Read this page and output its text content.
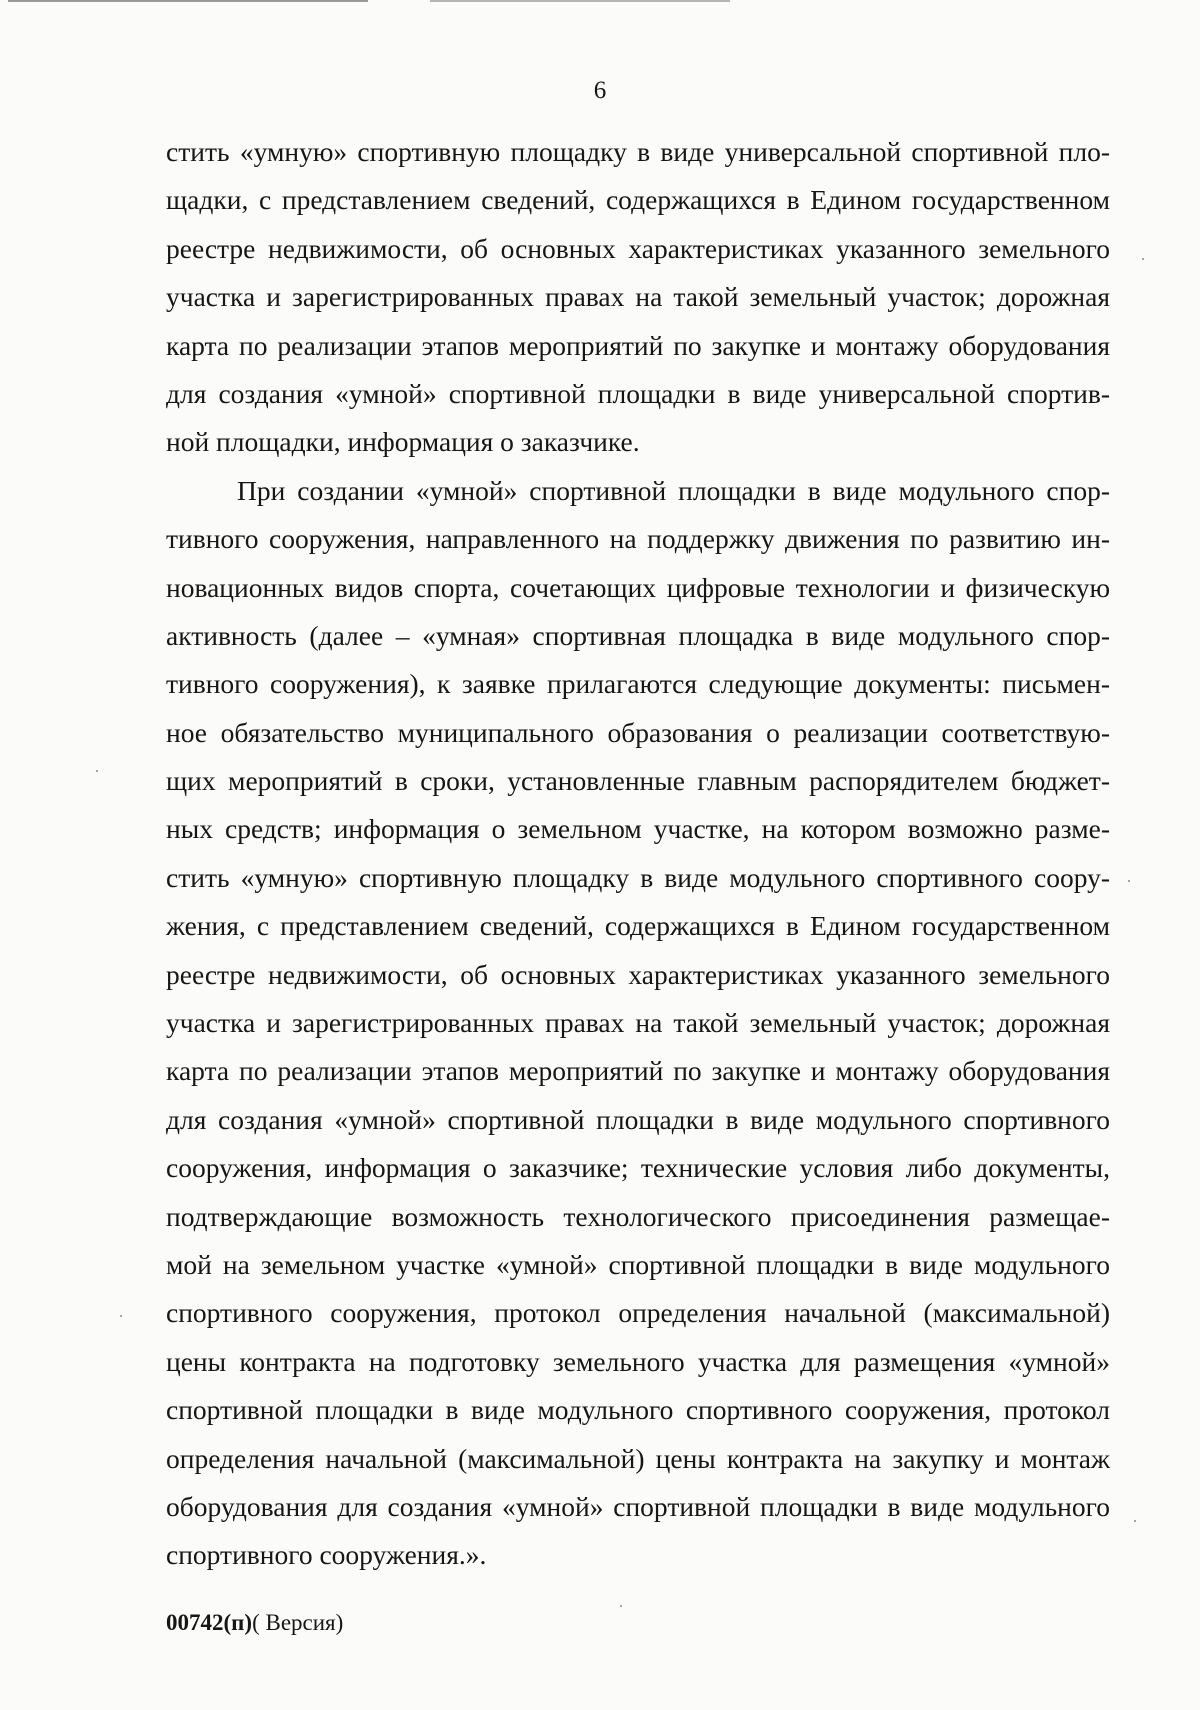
6
стить «умную» спортивную площадку в виде универсальной спортивной пло-
щадки, с представлением сведений, содержащихся в Едином государственном
реестре недвижимости, об основных характеристиках указанного земельного
участка и зарегистрированных правах на такой земельный участок; дорожная
карта по реализации этапов мероприятий по закупке и монтажу оборудования
для создания «умной» спортивной площадки в виде универсальной спортив-
ной площадки, информация о заказчике.
При создании «умной» спортивной площадки в виде модульного спор-
тивного сооружения, направленного на поддержку движения по развитию ин-
новационных видов спорта, сочетающих цифровые технологии и физическую
активность (далее – «умная» спортивная площадка в виде модульного спор-
тивного сооружения), к заявке прилагаются следующие документы: письмен-
ное обязательство муниципального образования о реализации соответствую-
щих мероприятий в сроки, установленные главным распорядителем бюджет-
ных средств; информация о земельном участке, на котором возможно разме-
стить «умную» спортивную площадку в виде модульного спортивного соору-
жения, с представлением сведений, содержащихся в Едином государственном
реестре недвижимости, об основных характеристиках указанного земельного
участка и зарегистрированных правах на такой земельный участок; дорожная
карта по реализации этапов мероприятий по закупке и монтажу оборудования
для создания «умной» спортивной площадки в виде модульного спортивного
сооружения, информация о заказчике; технические условия либо документы,
подтверждающие возможность технологического присоединения размещае-
мой на земельном участке «умной» спортивной площадки в виде модульного
спортивного сооружения, протокол определения начальной (максимальной)
цены контракта на подготовку земельного участка для размещения «умной»
спортивной площадки в виде модульного спортивного сооружения, протокол
определения начальной (максимальной) цены контракта на закупку и монтаж
оборудования для создания «умной» спортивной площадки в виде модульного
спортивного сооружения.».
00742(п)( Версия)
